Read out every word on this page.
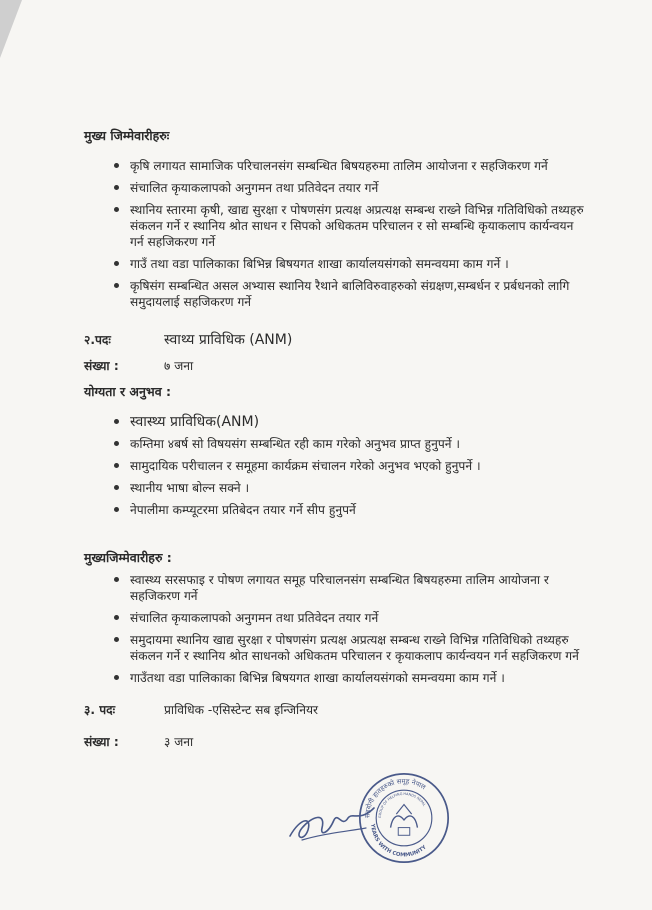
मुख्य जिम्मेवारीहरुः
कृषि लगायत सामाजिक परिचालनसंग सम्बन्धित बिषयहरुमा तालिम आयोजना र सहजिकरण गर्ने
संचालित कृयाकलापको अनुगमन तथा प्रतिवेदन तयार गर्ने
स्थानिय स्तारमा कृषी, खाद्य सुरक्षा र पोषणसंग प्रत्यक्ष अप्रत्यक्ष सम्बन्ध राख्ने विभिन्न गतिविधिको तथ्यहरु संकलन गर्ने र स्थानिय श्रोत साधन र सिपको अधिकतम परिचालन र सो सम्बन्धि कृयाकलाप कार्यन्वयन गर्न सहजिकरण गर्ने
गाउँ तथा वडा पालिकाका बिभिन्न बिषयगत शाखा कार्यालयसंगको समन्वयमा काम गर्ने ।
कृषिसंग सम्बन्धित असल अभ्यास स्थानिय रैथाने बालिविरुवाहरुको संग्रक्षण,सम्बर्धन र प्रर्बधनको लागि समुदायलाई सहजिकरण गर्ने
२.पदः	स्वाथ्य प्राविधिक (ANM)
संख्या :	७ जना
योग्यता र अनुभव :
स्वास्थ्य प्राविधिक(ANM)
कम्तिमा ४बर्ष सो विषयसंग सम्बन्धित रही काम गरेको अनुभव प्राप्त हुनुपर्ने ।
सामुदायिक परीचालन र समूहमा कार्यक्रम संचालन गरेको अनुभव भएको हुनुपर्ने ।
स्थानीय भाषा बोल्न सक्ने ।
नेपालीमा कम्प्यूटरमा प्रतिबेदन तयार गर्ने सीप हुनुपर्ने
मुख्यजिम्मेवारीहरु :
स्वास्थ्य सरसफाइ र पोषण लगायत समूह परिचालनसंग सम्बन्धित बिषयहरुमा तालिम आयोजना र सहजिकरण गर्ने
संचालित कृयाकलापको अनुगमन तथा प्रतिवेदन तयार गर्ने
समुदायमा स्थानिय खाद्य सुरक्षा र पोषणसंग प्रत्यक्ष अप्रत्यक्ष सम्बन्ध राख्ने विभिन्न गतिविधिको तथ्यहरु संकलन गर्ने र स्थानिय श्रोत साधनको अधिकतम परिचालन र कृयाकलाप कार्यन्वयन गर्न सहजिकरण गर्ने
गाउँतथा वडा पालिकाका बिभिन्न बिषयगत शाखा कार्यालयसंगको समन्वयमा काम गर्ने ।
३. पदः	प्राविधिक -एसिस्टेन्ट सब इन्जिनियर
संख्या :	३ जना
सहयोगी हातहरुको समूह नेपाल
YEARS WITH COMMUNITY
GROUP OF HELPING HANDS NEPAL
